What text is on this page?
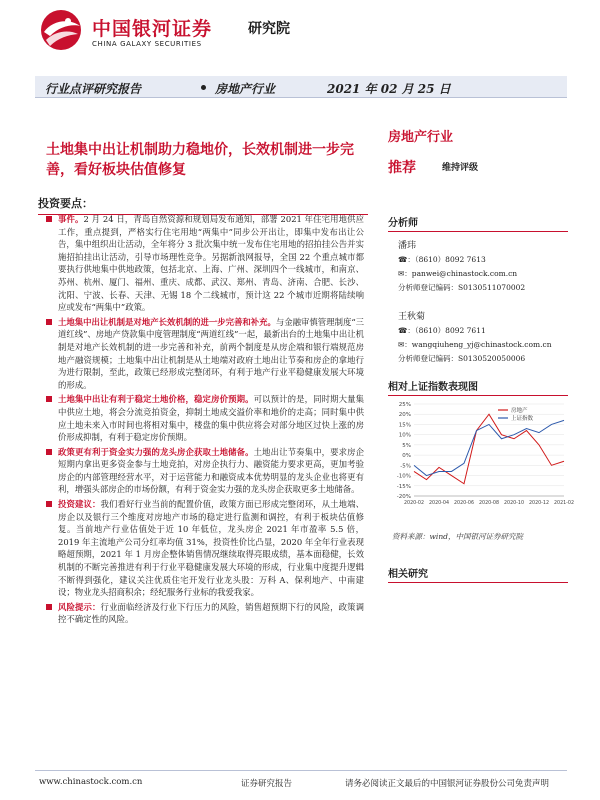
中国银河证券	研究院
CHINA GALAXY SECURITIES
行业点评研究报告	房地产行业	2021 年 02 月 25 日
土地集中出让机制助力稳地价，长效机制进一步完善，看好板块估值修复
房地产行业
推荐	维持评级
分析师
潘玮
☎：（8610）8092 7613
✉：panwei@chinastock.com.cn
分析师登记编码：S0130511070002
王秋菊
☎：（8610）8092 7611
✉：wangqiuheng_yj@chinastock.com.cn
分析师登记编码：S0130520050006
相对上证指数表现图
25%
20%
15%
10%
5%
0%
-5%
-10%
-15%
-20%
2020-02 2020-04 2020-06 2020-08 2020-10 2020-12 2021-02
房地产
上证指数
资料来源：wind，中国银河证券研究院
相关研究
投资要点：

事件。2 月 24 日，青岛自然资源和规划局发布通知，部署 2021 年住宅用地供应工作，重点提到，严格实行住宅用地“两集中”同步公开出让，即集中发布出让公告，集中组织出让活动，全年将分 3 批次集中统一发布住宅用地的招拍挂公告并实施招拍挂出让活动，引导市场理性竞争。另据新浪网报导，全国 22 个重点城市都要执行供地集中供地政策，包括北京、上海、广州、深圳四个一线城市，和南京、苏州、杭州、厦门、福州、重庆、成都、武汉、郑州、青岛、济南、合肥、长沙、沈阳、宁波、长春、天津、无锡 18 个二线城市，预计这 22 个城市近期将陆续响应或发布“两集中”政策。

土地集中出让机制是对地产长效机制的进一步完善和补充。与金融审慎管理制度“三道红线”、房地产贷款集中度管理制度“两道红线”一起，最新出台的土地集中出让机制是对地产长效机制的进一步完善和补充，前两个制度是从房企端和银行端规范房地产融资规模；土地集中出让机制是从土地端对政府土地出让节奏和房企的拿地行为进行限制，至此，政策已经形成完整闭环，有利于地产行业平稳健康发展大环境的形成。

土地集中出让有利于稳定土地价格，稳定房价预期。可以预计的是，同时期大量集中供应土地，将会分流竞拍资金，抑制土地成交溢价率和地价的走高；同时集中供应土地未来入市时间也将相对集中，楼盘的集中供应将会对部分地区过快上涨的房价形成抑制，有利于稳定房价预期。

政策更有利于资金实力强的龙头房企获取土地储备。土地出让节奏集中，要求房企短期内拿出更多资金参与土地竞拍，对房企执行力、融资能力要求更高，更加考验房企的内部管理经营水平，对于运营能力和融资成本优势明显的龙头企业也将更有利，增强头部房企的市场份额，有利于资金实力强的龙头房企获取更多土地储备。

投资建议：我们看好行业当前的配置价值，政策方面已形成完整闭环，从土地端、房企以及银行三个维度对房地产市场的稳定进行监测和调控，有利于板块估值修复。当前地产行业估值处于近 10 年低位，龙头房企 2021 年市盈率 5.5 倍，2019 年主流地产公司分红率均值 31%，投资性价比凸显，2020 年全年行业表现略超预期，2021 年 1 月房企整体销售情况继续取得亮眼成绩，基本面稳健，长效机制的不断完善推进有利于行业平稳健康发展大环境的形成，行业集中度提升逻辑不断得到强化，建议关注优质住宅开发行业龙头股：万科 A、保利地产、中南建设；物业龙头招商积余；经纪服务行业标的我爱我家。

风险提示：行业面临经济及行业下行压力的风险，销售超预期下行的风险，政策调控不确定性的风险。

www.chinastock.com.cn	证券研究报告	请务必阅读正文最后的中国银河证券股份公司免责声明
